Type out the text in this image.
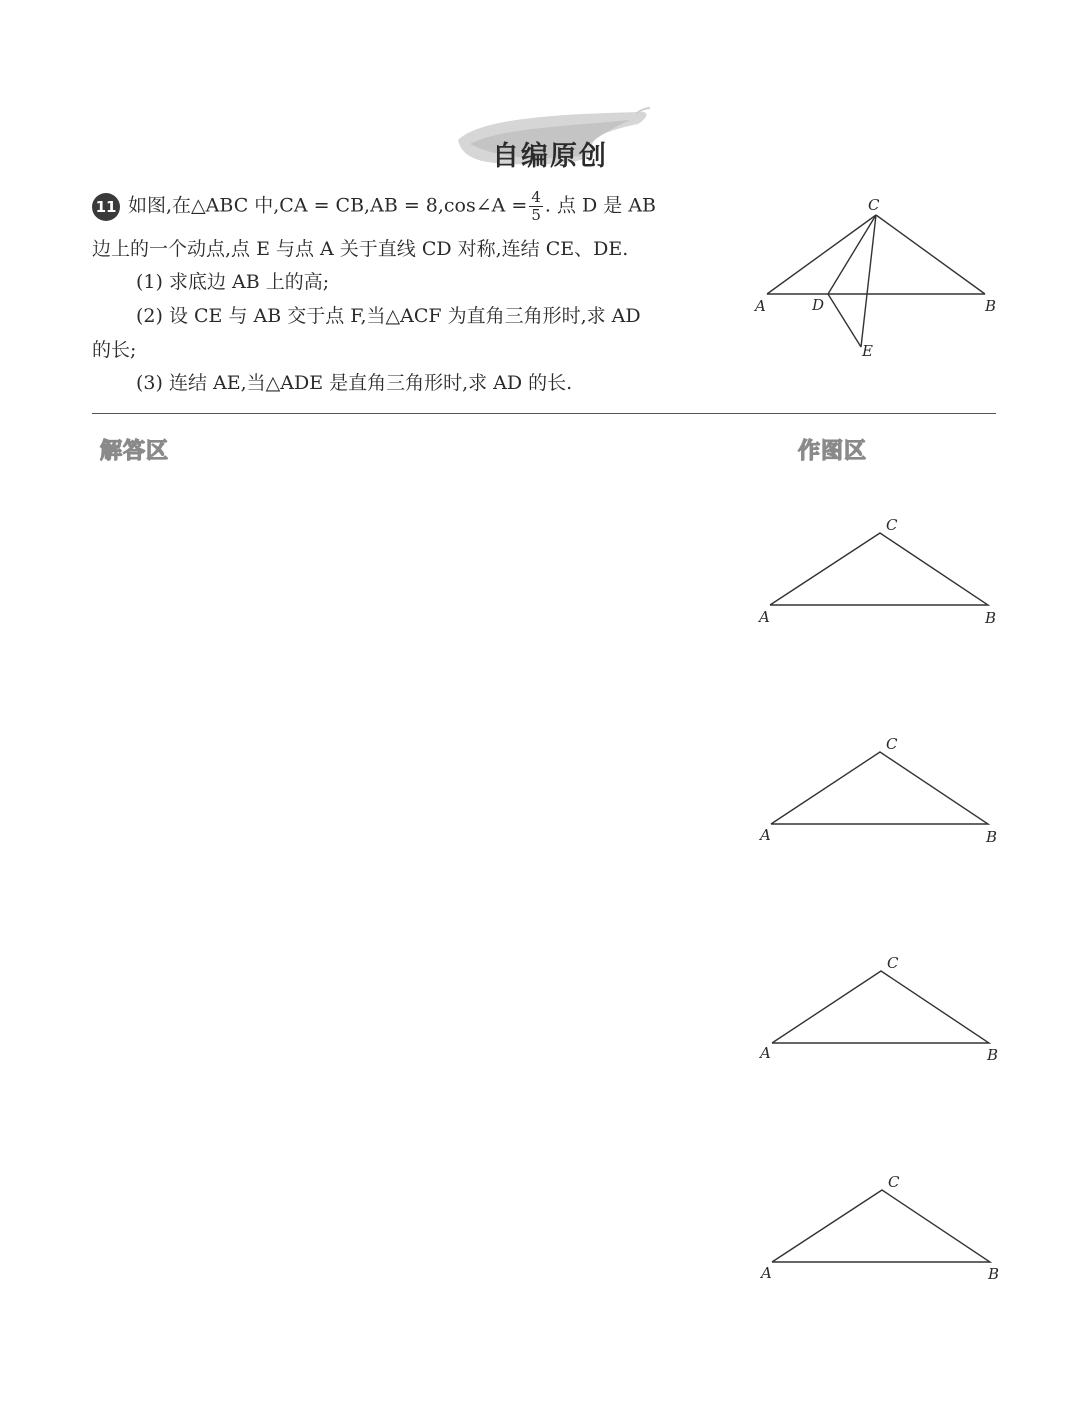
自编原创
11 如图,在△ABC 中,CA = CB,AB = 8,cos∠A = $\frac{4}{5}$ . 点 D 是 AB
边上的一个动点,点 E 与点 A 关于直线 CD 对称,连结 CE、DE.
(1) 求底边 AB 上的高;
(2) 设 CE 与 AB 交于点 F,当△ACF 为直角三角形时,求 AD
的长;
(3) 连结 AE,当△ADE 是直角三角形时,求 AD 的长.
C
A	D	B
E
解答区	作图区
C
A	B
C
A	B
C
A	B
C
A	B
